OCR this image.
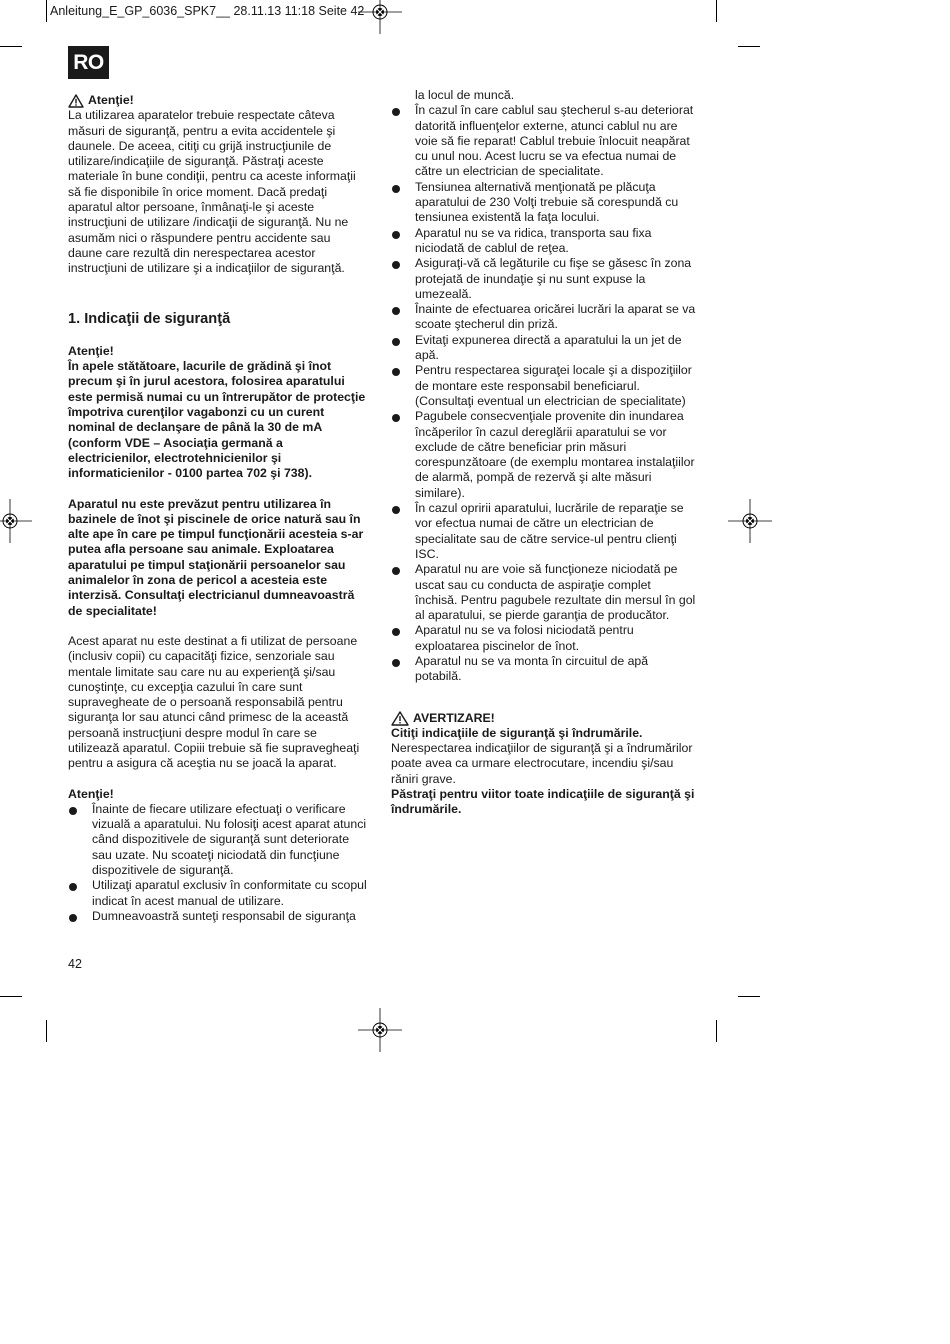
Anleitung_E_GP_6036_SPK7__ 28.11.13 11:18 Seite 42
RO
Atenţie!

La utilizarea aparatelor trebuie respectate câteva măsuri de siguranţă, pentru a evita accidentele şi daunele. De aceea, citiţi cu grijă instrucţiunile de utilizare/indicaţiile de siguranţă. Păstraţi aceste materiale în bune condiţii, pentru ca aceste informaţii să fie disponibile în orice moment. Dacă predaţi aparatul altor persoane, înmânaţi-le şi aceste instrucţiuni de utilizare /indicaţii de siguranţă. Nu ne asumăm nici o răspundere pentru accidente sau daune care rezultă din nerespectarea acestor instrucţiuni de utilizare şi a indicaţiilor de siguranţă.

1. Indicaţii de siguranţă

Atenţie!

În apele stătătoare, lacurile de grădină şi înot precum şi în jurul acestora, folosirea aparatului este permisă numai cu un întrerupător de protecţie împotriva curenţilor vagabonzi cu un curent nominal de declanşare de până la 30 de mA (conform VDE – Asociaţia germană a electricienilor, electrotehnicienilor şi informaticienilor - 0100 partea 702 şi 738).

Aparatul nu este prevăzut pentru utilizarea în bazinele de înot şi piscinele de orice natură sau în alte ape în care pe timpul funcţionării acesteia s-ar putea afla persoane sau animale. Exploatarea aparatului pe timpul staţionării persoanelor sau animalelor în zona de pericol a acesteia este interzisă. Consultaţi electricianul dumneavoastră de specialitate!

Acest aparat nu este destinat a fi utilizat de persoane (inclusiv copii) cu capacităţi fizice, senzoriale sau mentale limitate sau care nu au experienţă şi/sau cunoştinţe, cu excepţia cazului în care sunt supravegheate de o persoană responsabilă pentru siguranţa lor sau atunci când primesc de la această persoană instrucţiuni despre modul în care se utilizează aparatul. Copiii trebuie să fie supravegheaţi pentru a asigura că aceştia nu se joacă la aparat.

Atenţie!

Înainte de fiecare utilizare efectuaţi o verificare vizuală a aparatului. Nu folosiţi acest aparat atunci când dispozitivele de siguranţă sunt deteriorate sau uzate. Nu scoateţi niciodată din funcţiune dispozitivele de siguranţă.
Utilizaţi aparatul exclusiv în conformitate cu scopul indicat în acest manual de utilizare.
Dumneavoastră sunteţi responsabil de siguranţa

la locul de muncă.

În cazul în care cablul sau ştecherul s-au deteriorat datorită influenţelor externe, atunci cablul nu are voie să fie reparat! Cablul trebuie înlocuit neapărat cu unul nou. Acest lucru se va efectua numai de către un electrician de specialitate.
Tensiunea alternativă menţionată pe plăcuţa aparatului de 230 Volţi trebuie să corespundă cu tensiunea existentă la faţa locului.
Aparatul nu se va ridica, transporta sau fixa niciodată de cablul de reţea.
Asiguraţi-vă că legăturile cu fişe se găsesc în zona protejată de inundaţie şi nu sunt expuse la umezeală.
Înainte de efectuarea oricărei lucrări la aparat se va scoate ştecherul din priză.
Evitaţi expunerea directă a aparatului la un jet de apă.
Pentru respectarea siguraţei locale şi a dispoziţiilor de montare este responsabil beneficiarul. (Consultaţi eventual un electrician de specialitate)
Pagubele consecvenţiale provenite din inundarea încăperilor în cazul dereglării aparatului se vor exclude de către beneficiar prin măsuri corespunzătoare (de exemplu montarea instalaţiilor de alarmă, pompă de rezervă şi alte măsuri similare).
În cazul opririi aparatului, lucrările de reparaţie se vor efectua numai de către un electrician de specialitate sau de către service-ul pentru clienţi ISC.
Aparatul nu are voie să funcţioneze niciodată pe uscat sau cu conducta de aspiraţie complet închisă. Pentru pagubele rezultate din mersul în gol al aparatului, se pierde garanţia de producător.
Aparatul nu se va folosi niciodată pentru exploatarea piscinelor de înot.
Aparatul nu se va monta în circuitul de apă potabilă.
AVERTIZARE!

Citiţi indicaţiile de siguranţă şi îndrumările.

Nerespectarea indicaţiilor de siguranţă şi a îndrumărilor poate avea ca urmare electrocutare, incendiu şi/sau răniri grave.

Păstraţi pentru viitor toate indicaţiile de siguranţă şi îndrumările.

42
